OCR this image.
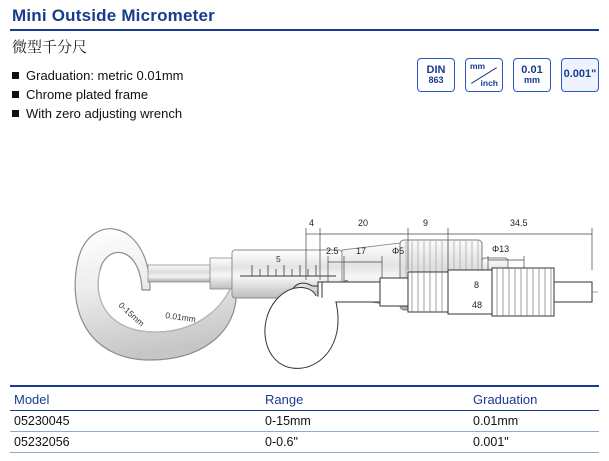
Mini Outside Micrometer
微型千分尺
Graduation: metric 0.01mm
Chrome plated frame
With zero adjusting wrench
DIN
863
mm
inch
0.01
mm 0.001"
0-15mm 0.01mm
5
4	20	9	34.5
2.5 17	Φ5	Φ13
8
48
Model	Range	Graduation
05230045	0-15mm	0.01mm
05232056	0-0.6"	0.001"
